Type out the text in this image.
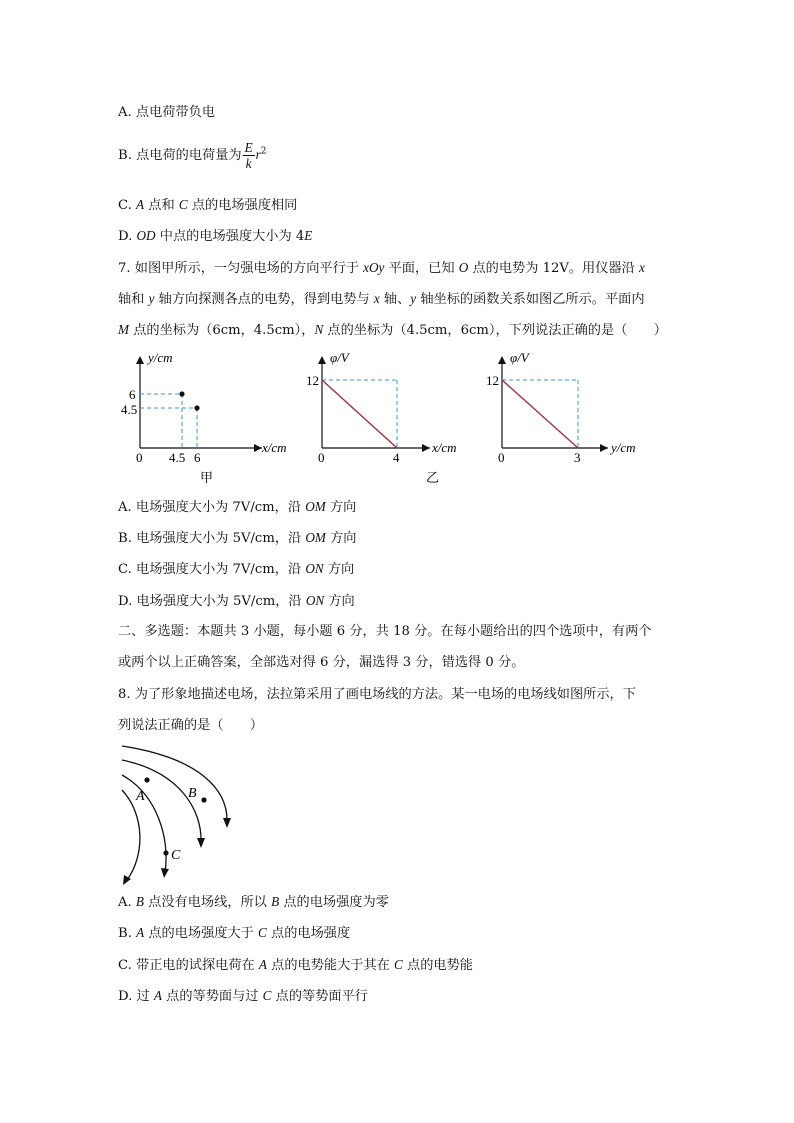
A. 点电荷带负电
B. 点电荷的电荷量为 $\frac{E}{k} r^2$
C. A 点和 C 点的电场强度相同
D. OD 中点的电场强度大小为 4E
7. 如图甲所示，一匀强电场的方向平行于 xOy 平面，已知 O 点的电势为 12V。用仪器沿 x
轴和 y 轴方向探测各点的电势，得到电势与 x 轴、y 轴坐标的函数关系如图乙所示。平面内
M 点的坐标为（6cm，4.5cm），N 点的坐标为（4.5cm，6cm），下列说法正确的是（　　）
y/cm
6
4.5
0 4.5 6
x/cm
甲
φ/V
12
0	4
x/cm
乙
φ/V
12
0	3
y/cm
A. 电场强度大小为 7V/cm，沿 OM 方向
B. 电场强度大小为 5V/cm，沿 OM 方向
C. 电场强度大小为 7V/cm，沿 ON 方向
D. 电场强度大小为 5V/cm，沿 ON 方向
二、多选题：本题共 3 小题，每小题 6 分，共 18 分。在每小题给出的四个选项中，有两个
或两个以上正确答案，全部选对得 6 分，漏选得 3 分，错选得 0 分。
8. 为了形象地描述电场，法拉第采用了画电场线的方法。某一电场的电场线如图所示，下
列说法正确的是（　　）
A	B
C
A. B 点没有电场线，所以 B 点的电场强度为零
B. A 点的电场强度大于 C 点的电场强度
C. 带正电的试探电荷在 A 点的电势能大于其在 C 点的电势能
D. 过 A 点的等势面与过 C 点的等势面平行
